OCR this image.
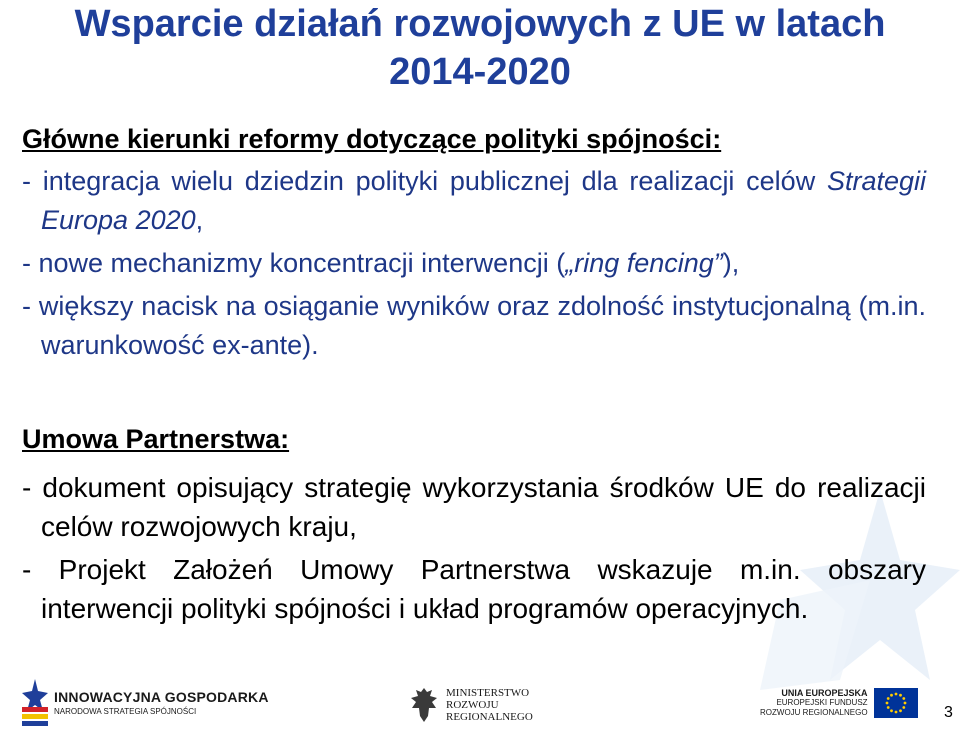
Wsparcie działań rozwojowych z UE w latach
2014-2020

Główne kierunki reformy dotyczące polityki spójności:

- integracja wielu dziedzin polityki publicznej dla realizacji celów Strategii Europa 2020,

- nowe mechanizmy koncentracji interwencji („ring fencing”),

- większy nacisk na osiąganie wyników oraz zdolność instytucjonalną (m.in. warunkowość ex-ante).

Umowa Partnerstwa:

- dokument opisujący strategię wykorzystania środków UE do realizacji celów rozwojowych kraju,

- Projekt Założeń Umowy Partnerstwa wskazuje m.in. obszary interwencji polityki spójności i układ programów operacyjnych.

INNOWACYJNA GOSPODARKA
NARODOWA STRATEGIA SPÓJNOŚCI
MINISTERSTWO
ROZWOJU
REGIONALNEGO
UNIA EUROPEJSKA
EUROPEJSKI FUNDUSZ
ROZWOJU REGIONALNEGO	3
